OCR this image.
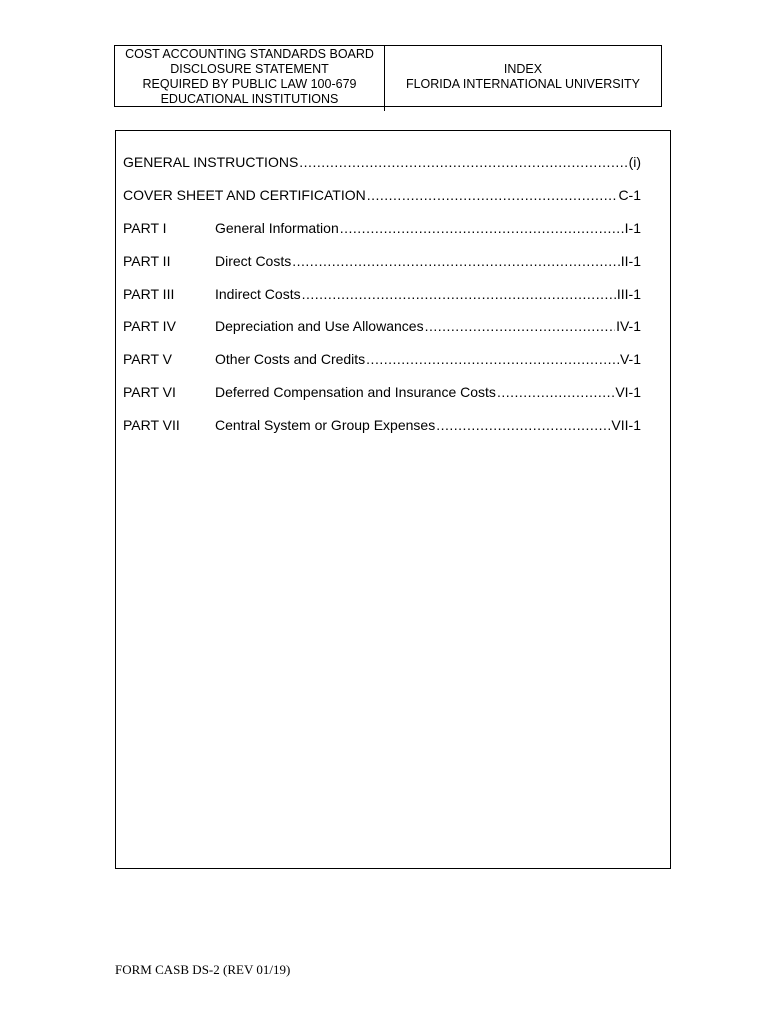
COST ACCOUNTING STANDARDS BOARD
DISCLOSURE STATEMENT
REQUIRED BY PUBLIC LAW 100-679
EDUCATIONAL INSTITUTIONS
INDEX
FLORIDA INTERNATIONAL UNIVERSITY
GENERAL INSTRUCTIONS .....	(i)
COVER SHEET AND CERTIFICATION .....	C-1
PART I	General Information .....	I-1
PART II	Direct Costs .....	II-1
PART III	Indirect Costs .....	III-1
PART IV	Depreciation and Use Allowances .....	IV-1
PART V	Other Costs and Credits .....	V-1
PART VI	Deferred Compensation and Insurance Costs .....	VI-1
PART VII	Central System or Group Expenses .....	VII-1
FORM CASB DS-2 (REV 01/19)
